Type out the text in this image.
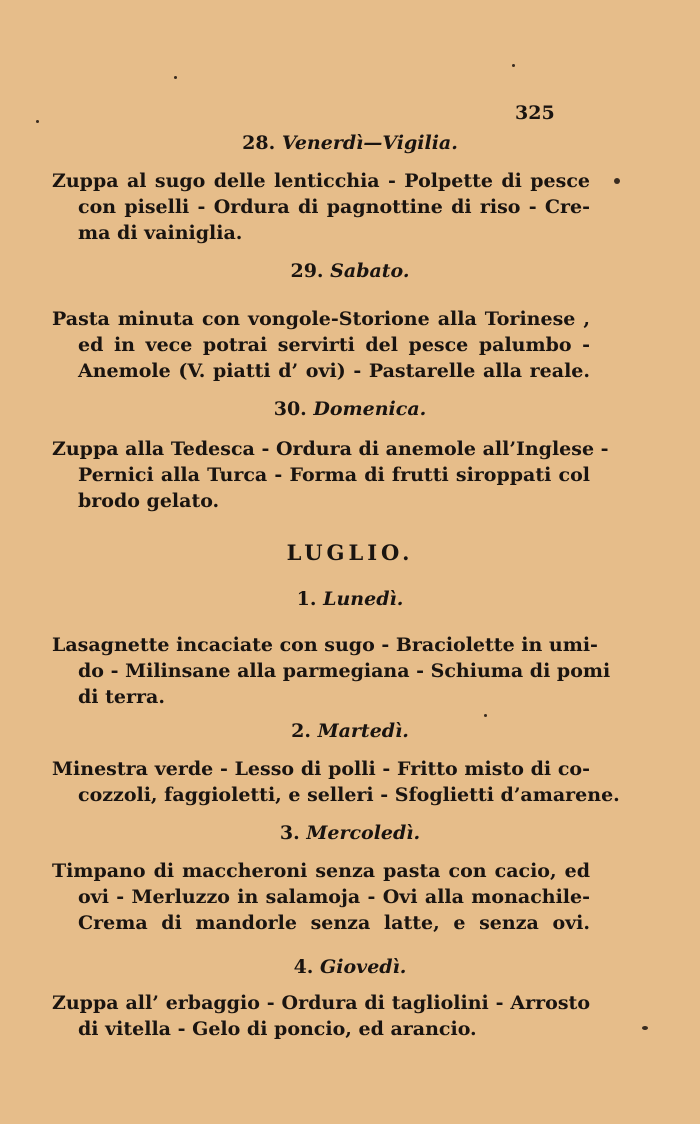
325
28. Venerdì—Vigilia.
Zuppa al sugo delle lenticchia - Polpette di pesce
con piselli - Ordura di pagnottine di riso - Cre-
ma di vainiglia.
29. Sabato.
Pasta minuta con vongole-Storione alla Torinese ,
ed in vece potrai servirti del pesce palumbo -
Anemole (V. piatti d’ ovi) - Pastarelle alla reale.
30. Domenica.
Zuppa alla Tedesca - Ordura di anemole all’Inglese -
Pernici alla Turca - Forma di frutti siroppati col
brodo gelato.
LUGLIO.
1. Lunedì.
Lasagnette incaciate con sugo - Braciolette in umi-
do - Milinsane alla parmegiana - Schiuma di pomi
di terra.
2. Martedì.
Minestra verde - Lesso di polli - Fritto misto di co-
cozzoli, faggioletti, e selleri - Sfoglietti d’amarene.
3. Mercoledì.
Timpano di maccheroni senza pasta con cacio, ed
ovi - Merluzzo in salamoja - Ovi alla monachile-
Crema di mandorle senza latte, e senza ovi.
4. Giovedì.
Zuppa all’ erbaggio - Ordura di tagliolini - Arrosto
di vitella - Gelo di poncio, ed arancio.
